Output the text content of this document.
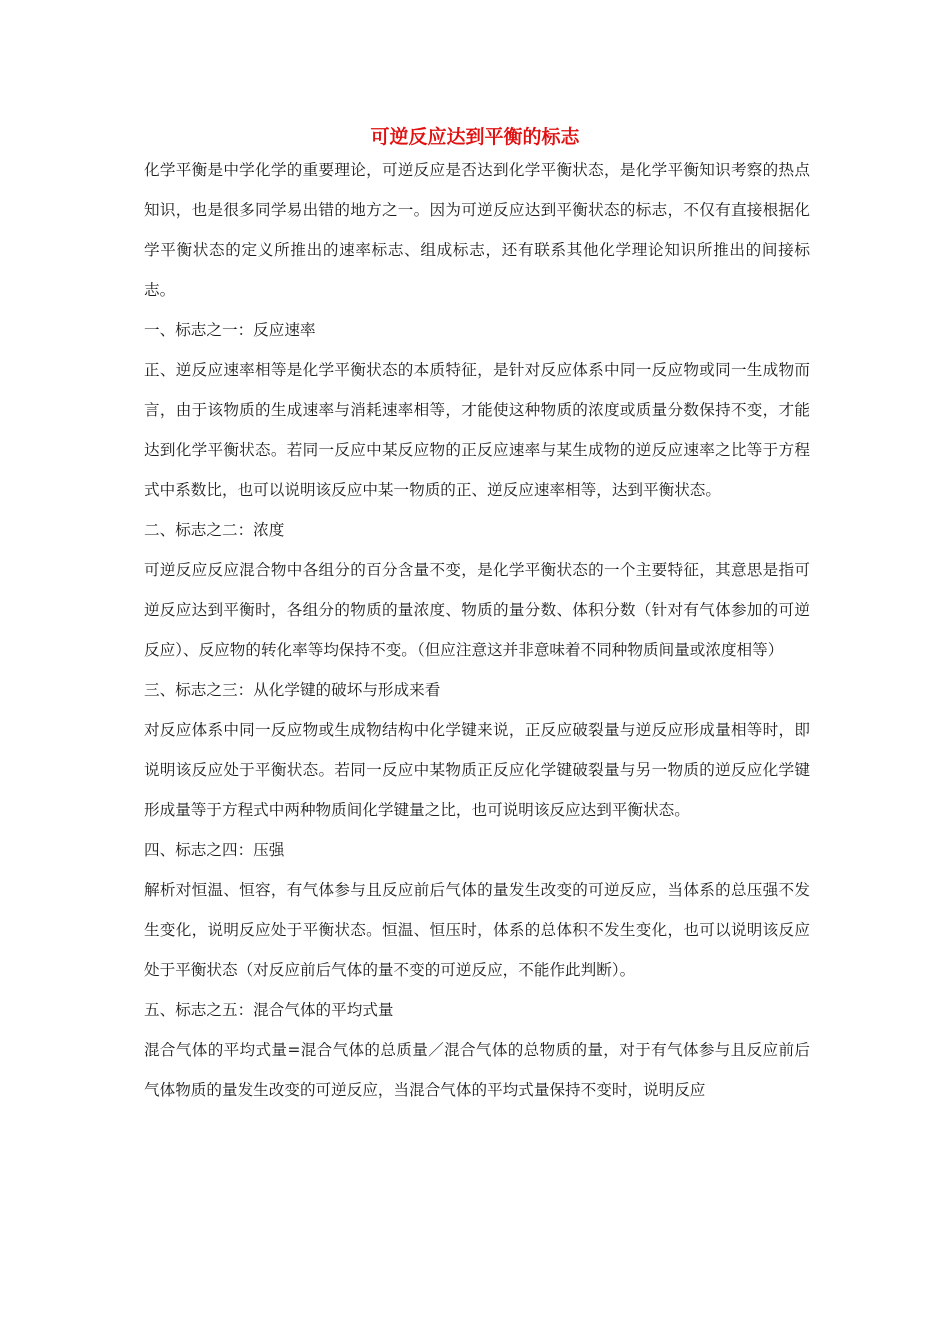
可逆反应达到平衡的标志

化学平衡是中学化学的重要理论，可逆反应是否达到化学平衡状态，是化学平衡知识考察的热点知识，也是很多同学易出错的地方之一。因为可逆反应达到平衡状态的标志，不仅有直接根据化学平衡状态的定义所推出的速率标志、组成标志，还有联系其他化学理论知识所推出的间接标志。

一、标志之一：反应速率

正、逆反应速率相等是化学平衡状态的本质特征，是针对反应体系中同一反应物或同一生成物而言，由于该物质的生成速率与消耗速率相等，才能使这种物质的浓度或质量分数保持不变，才能达到化学平衡状态。若同一反应中某反应物的正反应速率与某生成物的逆反应速率之比等于方程式中系数比，也可以说明该反应中某一物质的正、逆反应速率相等，达到平衡状态。

二、标志之二：浓度

可逆反应反应混合物中各组分的百分含量不变，是化学平衡状态的一个主要特征，其意思是指可逆反应达到平衡时，各组分的物质的量浓度、物质的量分数、体积分数（针对有气体参加的可逆反应）、反应物的转化率等均保持不变。（但应注意这并非意味着不同种物质间量或浓度相等）

三、标志之三：从化学键的破坏与形成来看

对反应体系中同一反应物或生成物结构中化学键来说，正反应破裂量与逆反应形成量相等时，即说明该反应处于平衡状态。若同一反应中某物质正反应化学键破裂量与另一物质的逆反应化学键形成量等于方程式中两种物质间化学键量之比，也可说明该反应达到平衡状态。

四、标志之四：压强

解析对恒温、恒容，有气体参与且反应前后气体的量发生改变的可逆反应，当体系的总压强不发生变化，说明反应处于平衡状态。恒温、恒压时，体系的总体积不发生变化，也可以说明该反应处于平衡状态（对反应前后气体的量不变的可逆反应，不能作此判断）。

五、标志之五：混合气体的平均式量

混合气体的平均式量=混合气体的总质量／混合气体的总物质的量，对于有气体参与且反应前后气体物质的量发生改变的可逆反应，当混合气体的平均式量保持不变时，说明反应
